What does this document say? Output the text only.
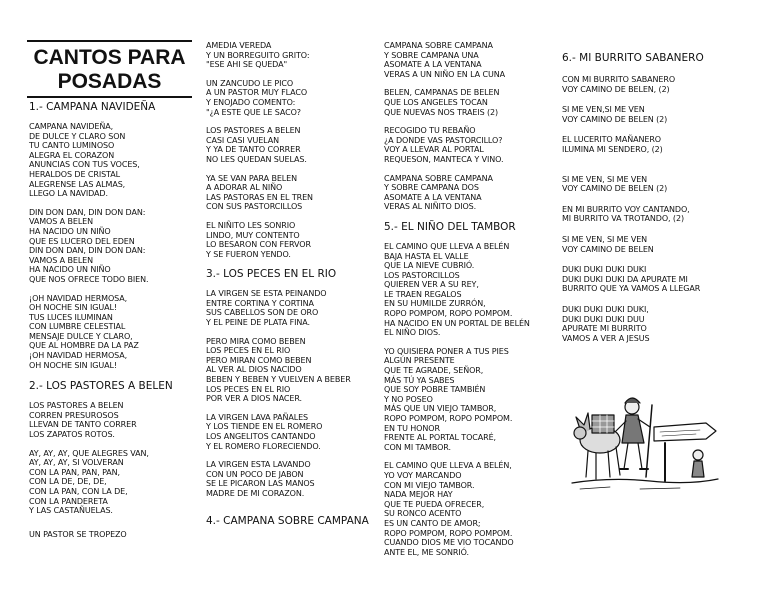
CANTOS PARA

POSADAS

1.- CAMPANA NAVIDEÑA
CAMPANA NAVIDEÑA,
DE DULCE Y CLARO SON
TU CANTO LUMINOSO
ALEGRA EL CORAZON
ANUNCIAS CON TUS VOCES,
HERALDOS DE CRISTAL
ALEGRENSE LAS ALMAS,
LLEGO LA NAVIDAD.
DIN DON DAN, DIN DON DAN:
VAMOS A BELEN
HA NACIDO UN NIÑO
QUE ES LUCERO DEL EDEN
DIN DON DAN, DIN DON DAN:
VAMOS A BELEN
HA NACIDO UN NIÑO
QUE NOS OFRECE TODO BIEN.
¡OH NAVIDAD HERMOSA,
OH NOCHE SIN IGUAL!
TUS LUCES ILUMINAN
CON LUMBRE CELESTIAL
MENSAJE DULCE Y CLARO,
QUE AL HOMBRE DA LA PAZ
¡OH NAVIDAD HERMOSA,
OH NOCHE SIN IGUAL!
2.- LOS PASTORES A BELEN
LOS PASTORES A BELEN
CORREN PRESUROSOS
LLEVAN DE TANTO CORRER
LOS ZAPATOS ROTOS.
AY, AY, AY, QUE ALEGRES VAN,
AY, AY, AY, SI VOLVERAN
CON LA PAN, PAN, PAN,
CON LA DE, DE, DE,
CON LA PAN, CON LA DE,
CON LA PANDERETA
Y LAS CASTAÑUELAS.
UN PASTOR SE TROPEZO
AMEDIA VEREDA
Y UN BORREGUITO GRITO:
"ESE AHI SE QUEDA"
UN ZANCUDO LE PICO
A UN PASTOR MUY FLACO
Y ENOJADO COMENTO:
"¿A ESTE QUE LE SACO?
LOS PASTORES A BELEN
CASI CASI VUELAN
Y YA DE TANTO CORRER
NO LES QUEDAN SUELAS.
YA SE VAN PARA BELEN
A ADORAR AL NIÑO
LAS PASTORAS EN EL TREN
CON SUS PASTORCILLOS
EL NIÑITO LES SONRIO
LINDO, MUY CONTENTO
LO BESARON CON FERVOR
Y SE FUERON YENDO.
3.- LOS PECES EN EL RIO
LA VIRGEN SE ESTA PEINANDO
ENTRE CORTINA Y CORTINA
SUS CABELLOS SON DE ORO
Y EL PEINE DE PLATA FINA.
PERO MIRA COMO BEBEN
LOS PECES EN EL RIO
PERO MIRAN COMO BEBEN
AL VER AL DIOS NACIDO
BEBEN Y BEBEN Y VUELVEN A BEBER
LOS PECES EN EL RIO
POR VER A DIOS NACER.
LA VIRGEN LAVA PAÑALES
Y LOS TIENDE EN EL ROMERO
LOS ANGELITOS CANTANDO
Y EL ROMERO FLORECIENDO.
LA VIRGEN ESTA LAVANDO
CON UN POCO DE JABON
SE LE PICARON LAS MANOS
MADRE DE MI CORAZON.
4.- CAMPANA SOBRE CAMPANA
CAMPANA SOBRE CAMPANA
Y SOBRE CAMPANA UNA
ASOMATE A LA VENTANA
VERAS A UN NIÑO EN LA CUNA
BELEN, CAMPANAS DE BELEN
QUE LOS ANGELES TOCAN
QUE NUEVAS NOS TRAEIS (2)
RECOGIDO TU REBAÑO
¿A DONDE VAS PASTORCILLO?
VOY A LLEVAR AL PORTAL
REQUESON, MANTECA Y VINO.
CAMPANA SOBRE CAMPANA
Y SOBRE CAMPANA DOS
ASOMATE A LA VENTANA
VERAS AL NIÑITO DIOS.
5.- EL NIÑO DEL TAMBOR
EL CAMINO QUE LLEVA A BELÉN
BAJA HASTA EL VALLE
QUE LA NIEVE CUBRIÓ.
LOS PASTORCILLOS
QUIEREN VER A SU REY,
LE TRAEN REGALOS
EN SU HUMILDE ZURRÓN,
ROPO POMPOM, ROPO POMPOM.
HA NACIDO EN UN PORTAL DE BELÉN
EL NIÑO DIOS.
YO QUISIERA PONER A TUS PIES
ALGÚN PRESENTE
QUE TE AGRADE, SEÑOR,
MÁS TÚ YA SABES
QUE SOY POBRE TAMBIÉN
Y NO POSEO
MÁS QUE UN VIEJO TAMBOR,
ROPO POMPOM, ROPO POMPOM.
EN TU HONOR
FRENTE AL PORTAL TOCARÉ,
CON MI TAMBOR.
EL CAMINO QUE LLEVA A BELÉN,
YO VOY MARCANDO
CON MI VIEJO TAMBOR.
NADA MEJOR HAY
QUE TE PUEDA OFRECER,
SU RONCO ACENTO
ES UN CANTO DE AMOR;
ROPO POMPOM, ROPO POMPOM.
CUANDO DIOS ME VIO TOCANDO
ANTE EL, ME SONRIÓ.
6.- MI BURRITO SABANERO
CON MI BURRITO SABANERO
VOY CAMINO DE BELEN, (2)
SI ME VEN,SI ME VEN
VOY CAMINO DE BELEN (2)
EL LUCERITO MAÑANERO
ILUMINA MI SENDERO, (2)
SI ME VEN, SI ME VEN
VOY CAMINO DE BELEN (2)
EN MI BURRITO VOY CANTANDO,
MI BURRITO VA TROTANDO, (2)
SI ME VEN, SI ME VEN
VOY CAMINO DE BELEN
DUKI DUKI DUKI DUKI
DUKI DUKI DUKI DA APURATE MI
BURRITO QUE YA VAMOS A LLEGAR
DUKI DUKI DUKI DUKI,
DUKI DUKI DUKI DUU
APURATE MI BURRITO
VAMOS A VER A JESUS
